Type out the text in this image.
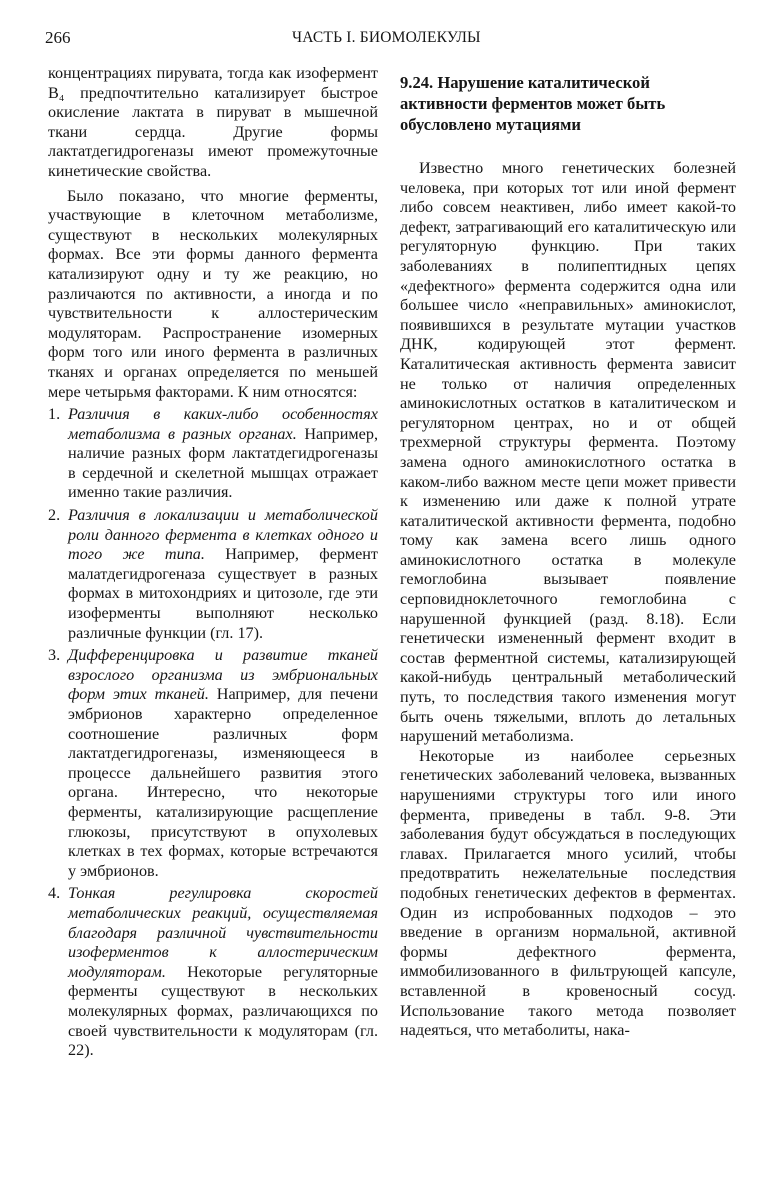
266	ЧАСТЬ I. БИОМОЛЕКУЛЫ

концентрациях пирувата, тогда как изофермент B₄ предпочтительно катализирует быстрое окисление лактата в пируват в мышечной ткани сердца. Другие формы лактатдегидрогеназы имеют промежуточные кинетические свойства.

Было показано, что многие ферменты, участвующие в клеточном метаболизме, существуют в нескольких молекулярных формах. Все эти формы данного фермента катализируют одну и ту же реакцию, но различаются по активности, а иногда и по чувствительности к аллостерическим модуляторам. Распространение изомерных форм того или иного фермента в различных тканях и органах определяется по меньшей мере четырьмя факторами. К ним относятся:

1. Различия в каких-либо особенностях метаболизма в разных органах. Например, наличие разных форм лактатдегидрогеназы в сердечной и скелетной мышцах отражает именно такие различия.
2. Различия в локализации и метаболической роли данного фермента в клетках одного и того же типа. Например, фермент малатдегидрогеназа существует в разных формах в митохондриях и цитозоле, где эти изоферменты выполняют несколько различные функции (гл. 17).
3. Дифференцировка и развитие тканей взрослого организма из эмбриональных форм этих тканей. Например, для печени эмбрионов характерно определенное соотношение различных форм лактатдегидрогеназы, изменяющееся в процессе дальнейшего развития этого органа. Интересно, что некоторые ферменты, катализирующие расщепление глюкозы, присутствуют в опухолевых клетках в тех формах, которые встречаются у эмбрионов.
4. Тонкая регулировка скоростей метаболических реакций, осуществляемая благодаря различной чувствительности изоферментов к аллостерическим модуляторам. Некоторые регуляторные ферменты существуют в нескольких молекулярных формах, различающихся по своей чувствительности к модуляторам (гл. 22).
9.24. Нарушение каталитической активности ферментов может быть обусловлено мутациями

Известно много генетических болезней человека, при которых тот или иной фермент либо совсем неактивен, либо имеет какой-то дефект, затрагивающий его каталитическую или регуляторную функцию. При таких заболеваниях в полипептидных цепях «дефектного» фермента содержится одна или большее число «неправильных» аминокислот, появившихся в результате мутации участков ДНК, кодирующей этот фермент. Каталитическая активность фермента зависит не только от наличия определенных аминокислотных остатков в каталитическом и регуляторном центрах, но и от общей трехмерной структуры фермента. Поэтому замена одного аминокислотного остатка в каком-либо важном месте цепи может привести к изменению или даже к полной утрате каталитической активности фермента, подобно тому как замена всего лишь одного аминокислотного остатка в молекуле гемоглобина вызывает появление серповидноклеточного гемоглобина с нарушенной функцией (разд. 8.18). Если генетически измененный фермент входит в состав ферментной системы, катализирующей какой-нибудь центральный метаболический путь, то последствия такого изменения могут быть очень тяжелыми, вплоть до летальных нарушений метаболизма.

Некоторые из наиболее серьезных генетических заболеваний человека, вызванных нарушениями структуры того или иного фермента, приведены в табл. 9-8. Эти заболевания будут обсуждаться в последующих главах. Прилагается много усилий, чтобы предотвратить нежелательные последствия подобных генетических дефектов в ферментах. Один из испробованных подходов – это введение в организм нормальной, активной формы дефектного фермента, иммобилизованного в фильтрующей капсуле, вставленной в кровеносный сосуд. Использование такого метода позволяет надеяться, что метаболиты, нака-
